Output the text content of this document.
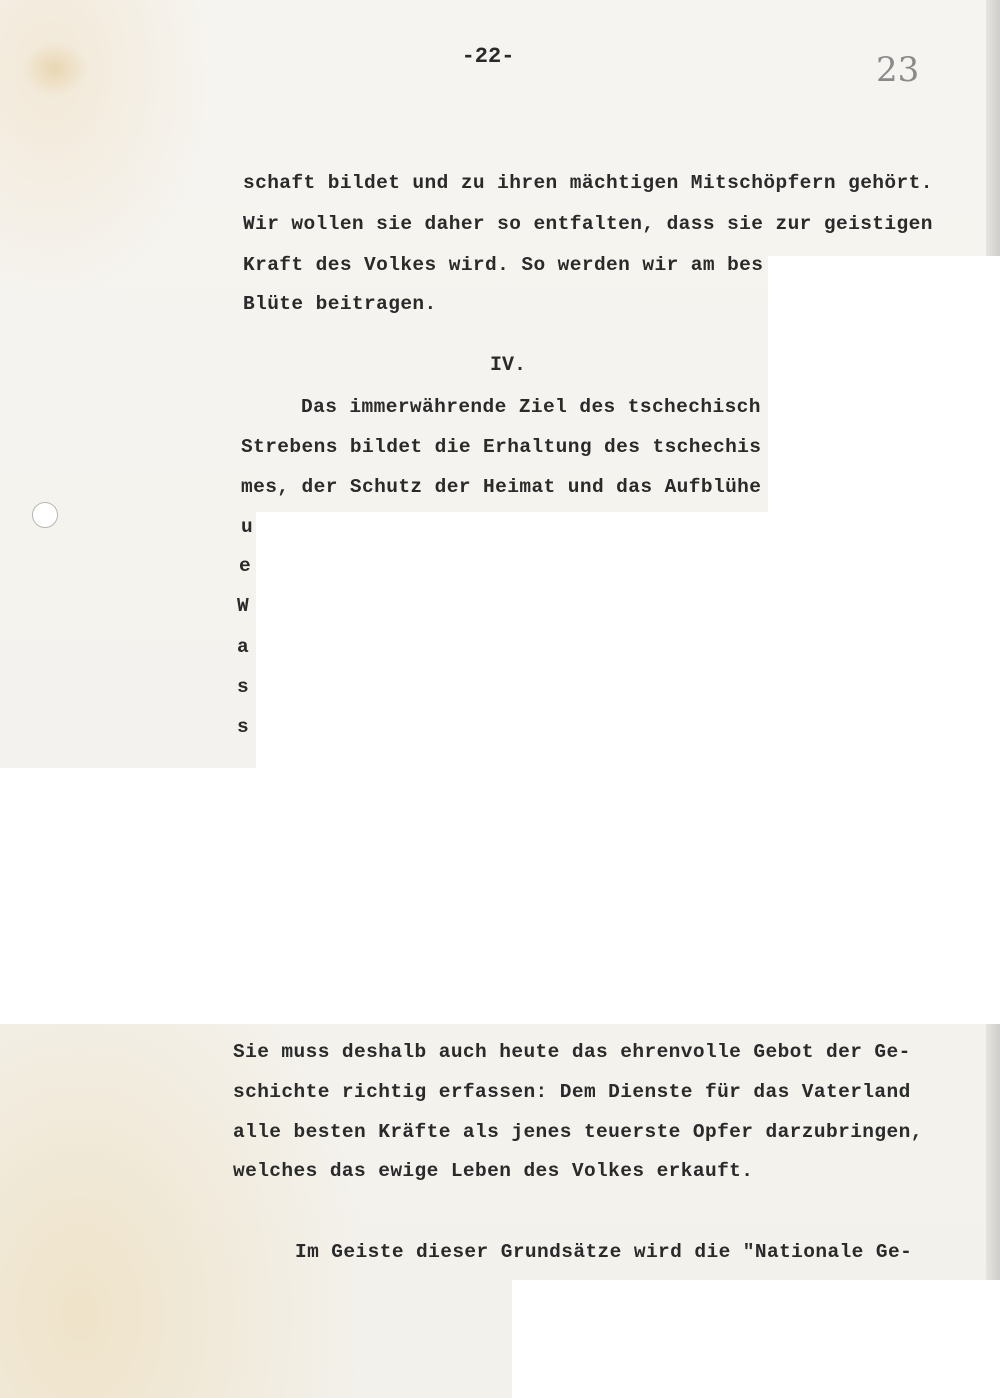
-22-	23
schaft bildet und zu ihren mächtigen Mitschöpfern gehört.
Wir wollen sie daher so entfalten, dass sie zur geistigen
Kraft des Volkes wird. So werden wir am bes
Blüte beitragen.
IV.
Das immerwährende Ziel des tschechisch
Strebens bildet die Erhaltung des tschechis
mes, der Schutz der Heimat und das Aufblühe
u
e
W
a
s
s
Sie muss deshalb auch heute das ehrenvolle Gebot der Ge-
schichte richtig erfassen: Dem Dienste für das Vaterland
alle besten Kräfte als jenes teuerste Opfer darzubringen,
welches das ewige Leben des Volkes erkauft.
Im Geiste dieser Grundsätze wird die "Nationale Ge-
